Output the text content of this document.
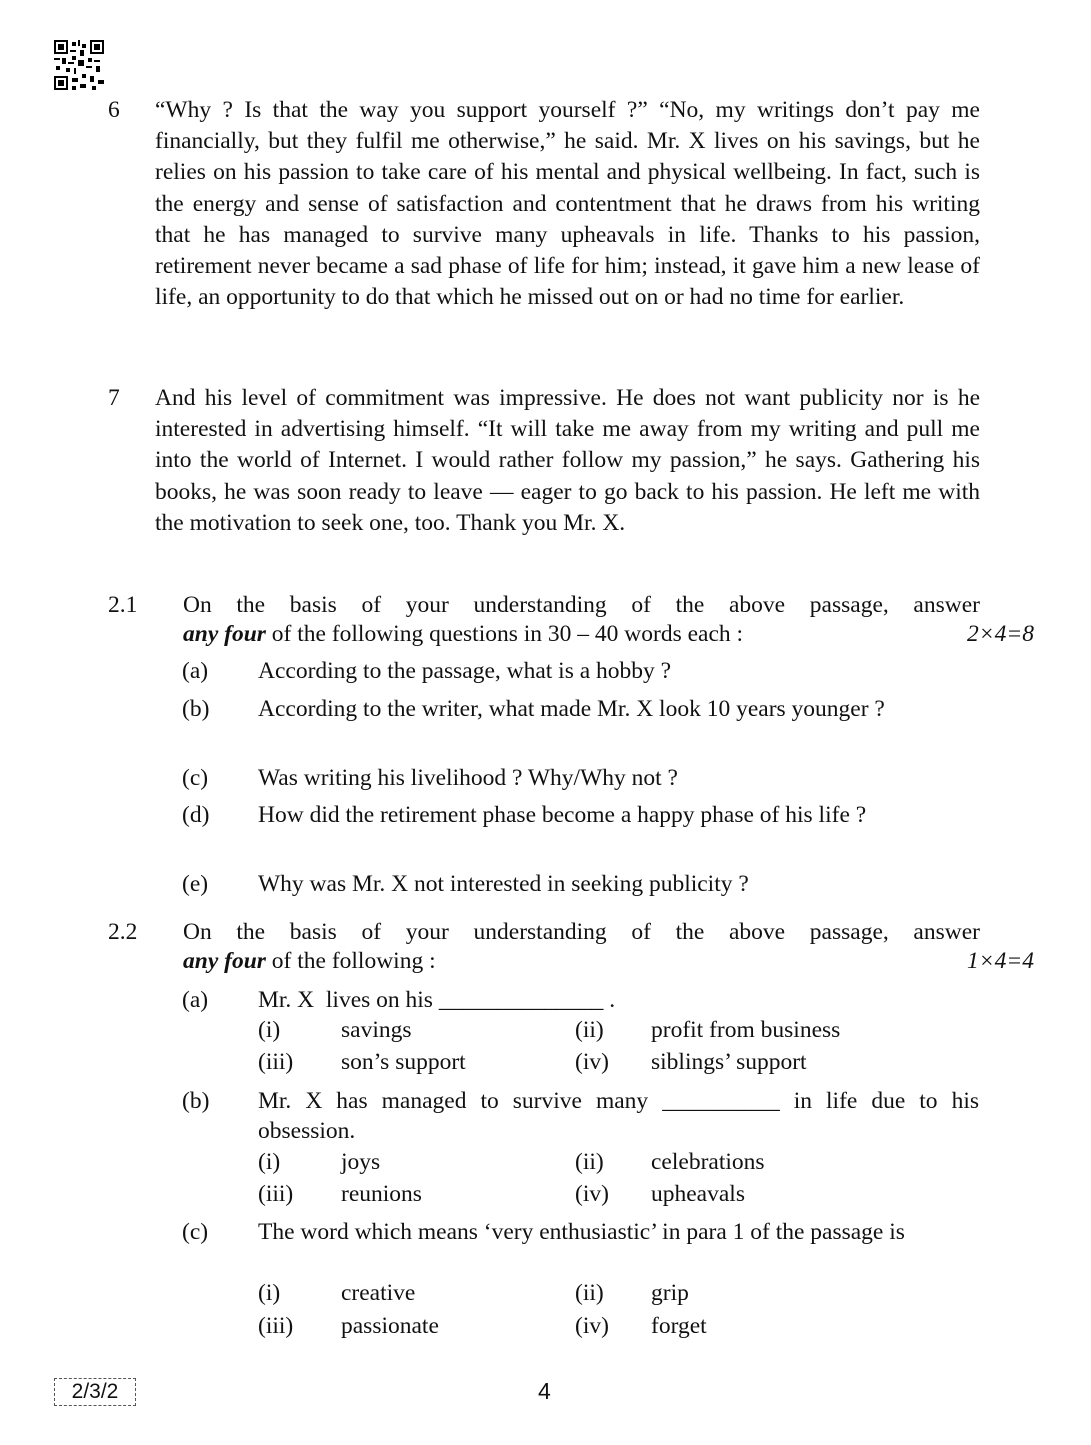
6 “Why ? Is that the way you support yourself ?” “No, my writings don’t pay me financially, but they fulfil me otherwise,” he said. Mr. X lives on his savings, but he relies on his passion to take care of his mental and physical wellbeing. In fact, such is the energy and sense of satisfaction and contentment that he draws from his writing that he has managed to survive many upheavals in life. Thanks to his passion, retirement never became a sad phase of life for him; instead, it gave him a new lease of life, an opportunity to do that which he missed out on or had no time for earlier.
7 And his level of commitment was impressive. He does not want publicity nor is he interested in advertising himself. “It will take me away from my writing and pull me into the world of Internet. I would rather follow my passion,” he says. Gathering his books, he was soon ready to leave — eager to go back to his passion. He left me with the motivation to seek one, too. Thank you Mr. X.
2.1 On the basis of your understanding of the above passage, answer
any four of the following questions in 30 – 40 words each :	2×4=8
(a) According to the passage, what is a hobby ?
(b) According to the writer, what made Mr. X look 10 years younger ?
(c) Was writing his livelihood ? Why/Why not ?
(d) How did the retirement phase become a happy phase of his life ?
(e) Why was Mr. X not interested in seeking publicity ?
2.2 On the basis of your understanding of the above passage, answer
any four of the following :	1×4=4
(a) Mr. X  lives on his ______________ .
(i)	savings	(ii) profit from business
(iii) son’s support	(iv) siblings’ support
(b) Mr. X has managed to survive many __________ in life due to his obsession.
(i)	joys	(ii) celebrations
(iii) reunions	(iv) upheavals
(c) The word which means ‘very enthusiastic’ in para 1 of the passage is
(i)	creative	(ii) grip
(iii) passionate	(iv) forget
2/3/2	4
